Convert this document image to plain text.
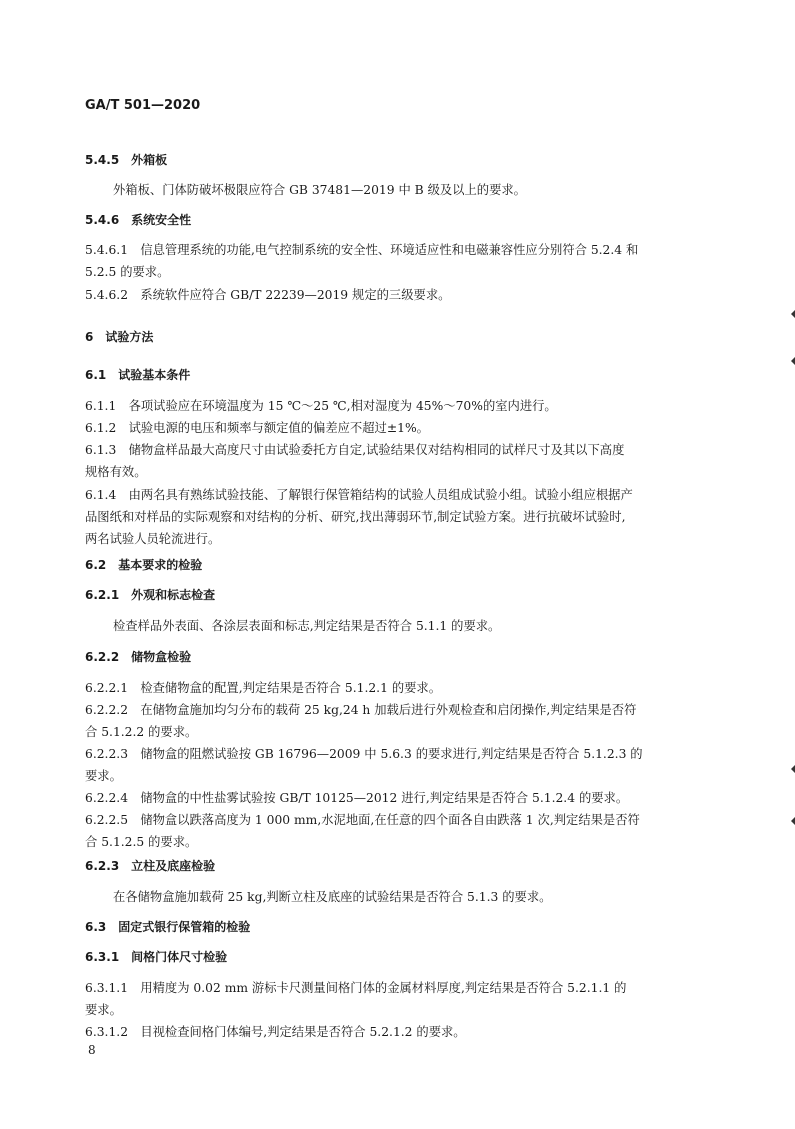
GA/T 501—2020
5.4.5　外箱板
外箱板、门体防破坏极限应符合 GB 37481—2019 中 B 级及以上的要求。
5.4.6　系统安全性
5.4.6.1　信息管理系统的功能,电气控制系统的安全性、环境适应性和电磁兼容性应分别符合 5.2.4 和
5.2.5 的要求。
5.4.6.2　系统软件应符合 GB/T 22239—2019 规定的三级要求。
6　试验方法
6.1　试验基本条件
6.1.1　各项试验应在环境温度为 15 ℃～25 ℃,相对湿度为 45%～70%的室内进行。
6.1.2　试验电源的电压和频率与额定值的偏差应不超过±1%。
6.1.3　储物盒样品最大高度尺寸由试验委托方自定,试验结果仅对结构相同的试样尺寸及其以下高度
规格有效。
6.1.4　由两名具有熟练试验技能、了解银行保管箱结构的试验人员组成试验小组。试验小组应根据产
品图纸和对样品的实际观察和对结构的分析、研究,找出薄弱环节,制定试验方案。进行抗破坏试验时,
两名试验人员轮流进行。
6.2　基本要求的检验
6.2.1　外观和标志检查
检查样品外表面、各涂层表面和标志,判定结果是否符合 5.1.1 的要求。
6.2.2　储物盒检验
6.2.2.1　检查储物盒的配置,判定结果是否符合 5.1.2.1 的要求。
6.2.2.2　在储物盒施加均匀分布的载荷 25 kg,24 h 加载后进行外观检查和启闭操作,判定结果是否符
合 5.1.2.2 的要求。
6.2.2.3　储物盒的阻燃试验按 GB 16796—2009 中 5.6.3 的要求进行,判定结果是否符合 5.1.2.3 的
要求。
6.2.2.4　储物盒的中性盐雾试验按 GB/T 10125—2012 进行,判定结果是否符合 5.1.2.4 的要求。
6.2.2.5　储物盒以跌落高度为 1 000 mm,水泥地面,在任意的四个面各自由跌落 1 次,判定结果是否符
合 5.1.2.5 的要求。
6.2.3　立柱及底座检验
在各储物盒施加载荷 25 kg,判断立柱及底座的试验结果是否符合 5.1.3 的要求。
6.3　固定式银行保管箱的检验
6.3.1　间格门体尺寸检验
6.3.1.1　用精度为 0.02 mm 游标卡尺测量间格门体的金属材料厚度,判定结果是否符合 5.2.1.1 的
要求。
6.3.1.2　目视检查间格门体编号,判定结果是否符合 5.2.1.2 的要求。
8
